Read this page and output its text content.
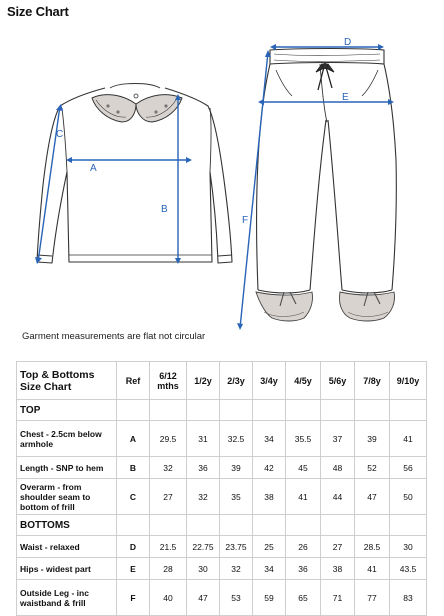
Size Chart
A
B
C
D
E
F
Garment measurements are flat not circular
Top & Bottoms Size Chart	Ref	6/12 mths	1/2y	2/3y	3/4y	4/5y	5/6y	7/8y	9/10y
TOP									
Chest - 2.5cm below armhole	A	29.5	31	32.5	34	35.5	37	39	41
Length - SNP to hem	B	32	36	39	42	45	48	52	56
Overarm - from shoulder seam to bottom of frill	C	27	32	35	38	41	44	47	50
BOTTOMS									
Waist - relaxed	D	21.5	22.75	23.75	25	26	27	28.5	30
Hips - widest part	E	28	30	32	34	36	38	41	43.5
Outside Leg - inc waistband & frill	F	40	47	53	59	65	71	77	83
